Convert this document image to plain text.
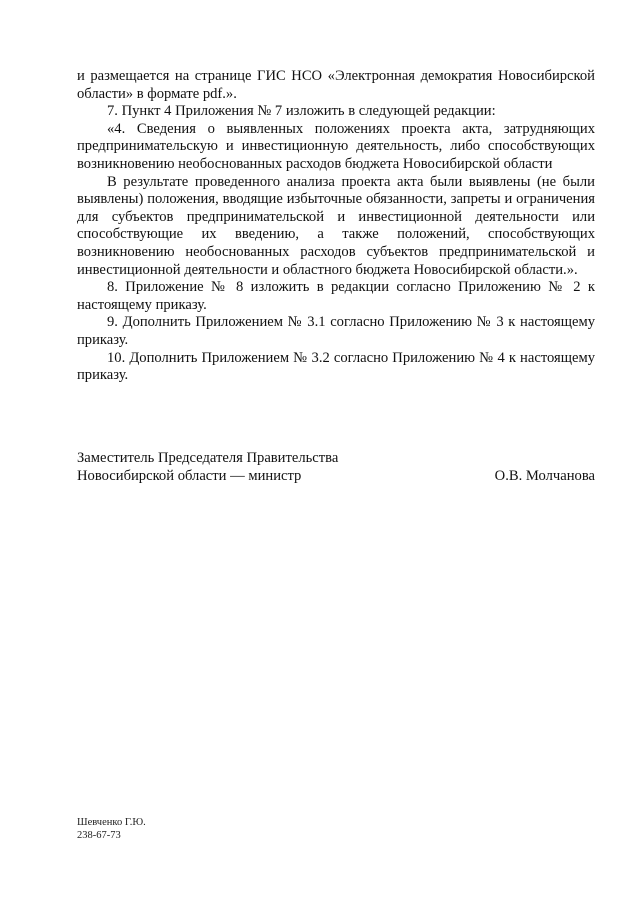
и размещается на странице ГИС НСО «Электронная демократия Новосибирской области» в формате pdf.».

7. Пункт 4 Приложения № 7 изложить в следующей редакции:

«4. Сведения о выявленных положениях проекта акта, затрудняющих предпринимательскую и инвестиционную деятельность, либо способствующих возникновению необоснованных расходов бюджета Новосибирской области

В результате проведенного анализа проекта акта были выявлены (не были выявлены) положения, вводящие избыточные обязанности, запреты и ограничения для субъектов предпринимательской и инвестиционной деятельности или способствующие их введению, а также положений, способствующих возникновению необоснованных расходов субъектов предпринимательской и инвестиционной деятельности и областного бюджета Новосибирской области.».

8. Приложение № 8 изложить в редакции согласно Приложению № 2 к настоящему приказу.

9. Дополнить Приложением № 3.1 согласно Приложению № 3 к настоящему приказу.

10. Дополнить Приложением № 3.2 согласно Приложению № 4 к настоящему приказу.

Заместитель Председателя Правительства
Новосибирской области — министр	О.В. Молчанова
Шевченко Г.Ю.
238-67-73
